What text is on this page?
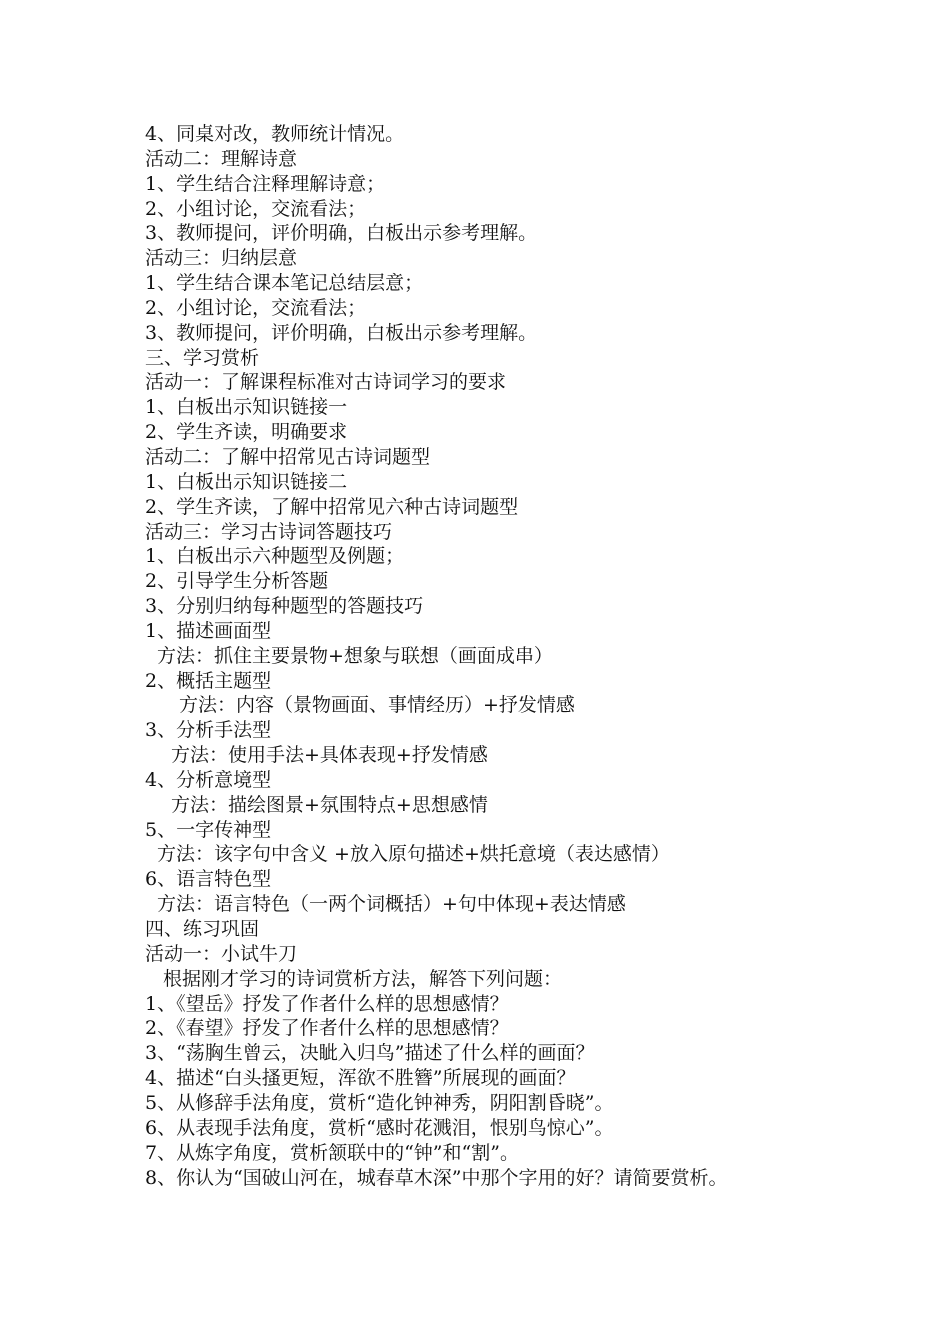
4、同桌对改，教师统计情况。
活动二：理解诗意
1、学生结合注释理解诗意；
2、小组讨论，交流看法；
3、教师提问，评价明确，白板出示参考理解。
活动三：归纳层意
1、学生结合课本笔记总结层意；
2、小组讨论，交流看法；
3、教师提问，评价明确，白板出示参考理解。
三、学习赏析
活动一：了解课程标准对古诗词学习的要求
1、白板出示知识链接一
2、学生齐读，明确要求
活动二：了解中招常见古诗词题型
1、白板出示知识链接二
2、学生齐读，了解中招常见六种古诗词题型
活动三：学习古诗词答题技巧
1、白板出示六种题型及例题；
2、引导学生分析答题
3、分别归纳每种题型的答题技巧
1、描述画面型
方法：抓住主要景物+想象与联想（画面成串）
2、概括主题型
方法：内容（景物画面、事情经历）+抒发情感
3、分析手法型
方法：使用手法+具体表现+抒发情感
4、分析意境型
方法：描绘图景+氛围特点+思想感情
5、一字传神型
方法：该字句中含义 +放入原句描述+烘托意境（表达感情）
6、语言特色型
方法：语言特色（一两个词概括）+句中体现+表达情感
四、练习巩固
活动一：小试牛刀
根据刚才学习的诗词赏析方法，解答下列问题：
1、《望岳》抒发了作者什么样的思想感情？
2、《春望》抒发了作者什么样的思想感情？
3、“荡胸生曾云，决眦入归鸟”描述了什么样的画面？
4、描述“白头搔更短，浑欲不胜簪”所展现的画面？
5、从修辞手法角度，赏析“造化钟神秀，阴阳割昏晓”。
6、从表现手法角度，赏析“感时花溅泪，恨别鸟惊心”。
7、从炼字角度，赏析颔联中的“钟”和“割”。
8、你认为“国破山河在，城春草木深”中那个字用的好？请简要赏析。
